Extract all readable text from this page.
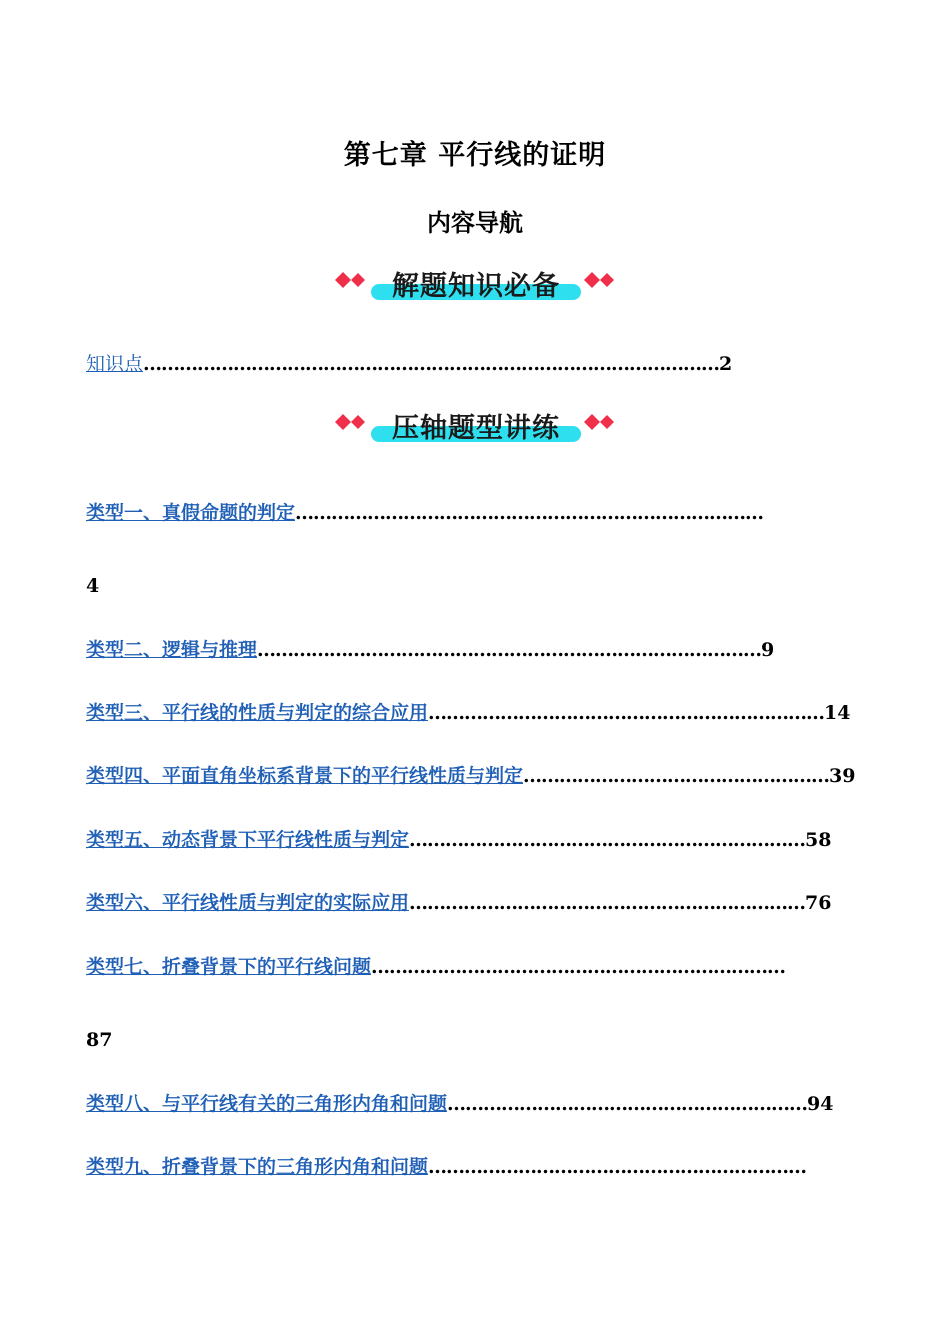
第七章 平行线的证明
内容导航
解题知识必备
知识点……………………………………………………………………………………2
压轴题型讲练
类型一、真假命题的判定……………………………………………………………………
4
类型二、逻辑与推理…………………………………………………………………………9
类型三、平行线的性质与判定的综合应用…………………………………………………………14
类型四、平面直角坐标系背景下的平行线性质与判定……………………………………………39
类型五、动态背景下平行线性质与判定…………………………………………………………58
类型六、平行线性质与判定的实际应用…………………………………………………………76
类型七、折叠背景下的平行线问题……………………………………………………………
87
类型八、与平行线有关的三角形内角和问题……………………………………………………94
类型九、折叠背景下的三角形内角和问题………………………………………………………
